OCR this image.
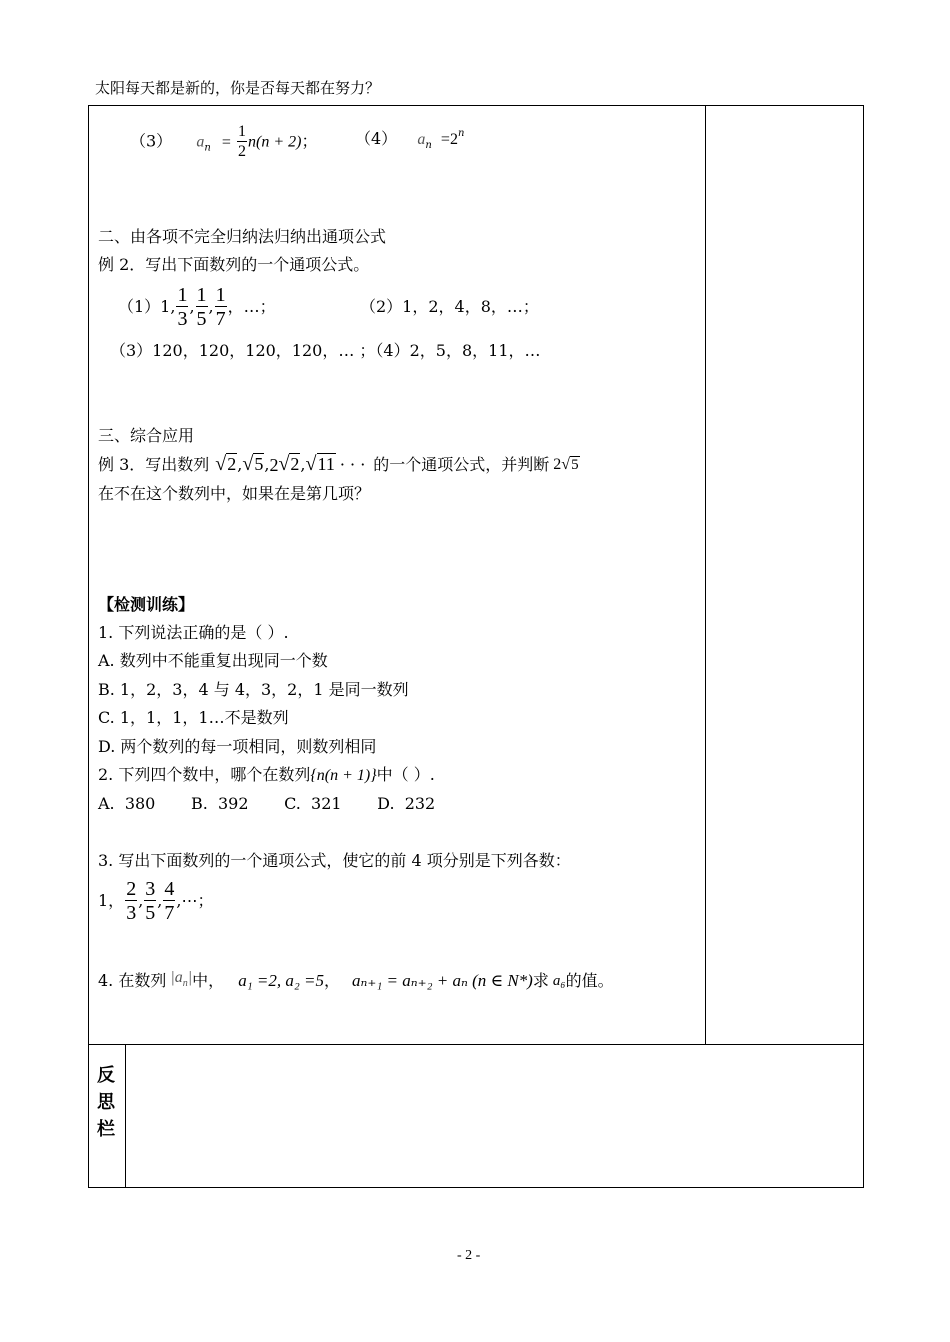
太阳每天都是新的，你是否每天都在努力？
（3） $a_n = \frac{1}{2} n(n + 2)$； （4） $a_n =2^n$
二、由各项不完全归纳法归纳出通项公式
例 2．写出下面数列的一个通项公式。
（1）1, $\frac{1}{3}$ , $\frac{1}{5}$ , $\frac{1}{7}$ ，…；	（2）1，2，4，8，…；
（3）120，120，120，120，… ；（4）2，5，8，11，…
三、综合应用
例 3．写出数列 √2 , √5 , 2 √2 , √11 · · · 的一个通项公式，并判断 2 √5
在不在这个数列中，如果在是第几项？
【检测训练】
1. 下列说法正确的是（ ）.
A. 数列中不能重复出现同一个数
B. 1，2，3，4 与 4，3，2，1 是同一数列
C. 1，1，1，1…不是数列
D. 两个数列的每一项相同，则数列相同
2. 下列四个数中，哪个在数列{n(n + 1)}中（ ）.
A.  380       B.  392       C.  321       D.  232
3. 写出下面数列的一个通项公式，使它的前 4 项分别是下列各数：
1， $\frac{2}{3}$ , $\frac{3}{5}$ , $\frac{4}{7}$ ,⋯；
4. 在数列 $|a_n|$ 中， a₁ =2, a₂ =5 ， aₙ₊₁ = aₙ₊₂ + aₙ (n ∈ N*) 求 a₆ 的值。
反
思
栏
- 2 -
